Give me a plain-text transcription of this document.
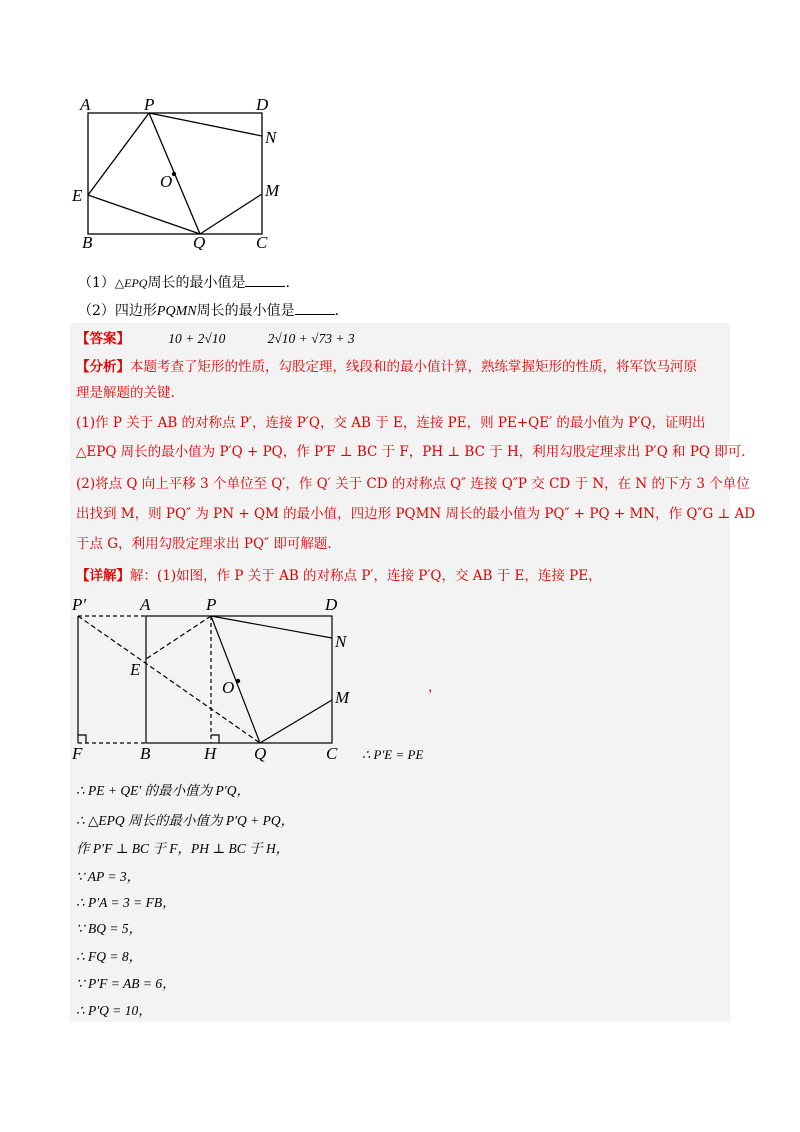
A	P	D
N
O
E	M
B	Q	C
（1）△EPQ周长的最小值是	.
（2）四边形PQMN周长的最小值是	.
【答案】	10 + 2√10	2√10 + √73 + 3
【分析】本题考查了矩形的性质，勾股定理，线段和的最小值计算，熟练掌握矩形的性质，将军饮马河原
理是解题的关键.
(1)作 P 关于 AB 的对称点 P′，连接 P′Q，交 AB 于 E，连接 PE，则 PE+QE′ 的最小值为 P′Q，证明出
△EPQ 周长的最小值为 P′Q + PQ，作 P′F ⊥ BC 于 F，PH ⊥ BC 于 H，利用勾股定理求出 P′Q 和 PQ 即可.
(2)将点 Q 向上平移 3 个单位至 Q′，作 Q′ 关于 CD 的对称点 Q″ 连接 Q″P 交 CD 于 N，在 N 的下方 3 个单位
出找到 M，则 PQ″ 为 PN + QM 的最小值，四边形 PQMN 周长的最小值为 PQ″ + PQ + MN，作 Q″G ⊥ AD
于点 G，利用勾股定理求出 PQ″ 即可解题.
【详解】解：(1)如图，作 P 关于 AB 的对称点 P′，连接 P′Q，交 AB 于 E，连接 PE，
P′	A	P	D
N
E
O
M
F	B	H Q	C
，
∴ P′E = PE
∴ PE + QE′ 的最小值为 P′Q，
∴ △EPQ 周长的最小值为 P′Q + PQ，
作 P′F ⊥ BC 于 F，PH ⊥ BC 于 H，
∵ AP = 3，
∴ P′A = 3 = FB，
∵ BQ = 5，
∴ FQ = 8，
∵ P′F = AB = 6，
∴ P′Q = 10，
